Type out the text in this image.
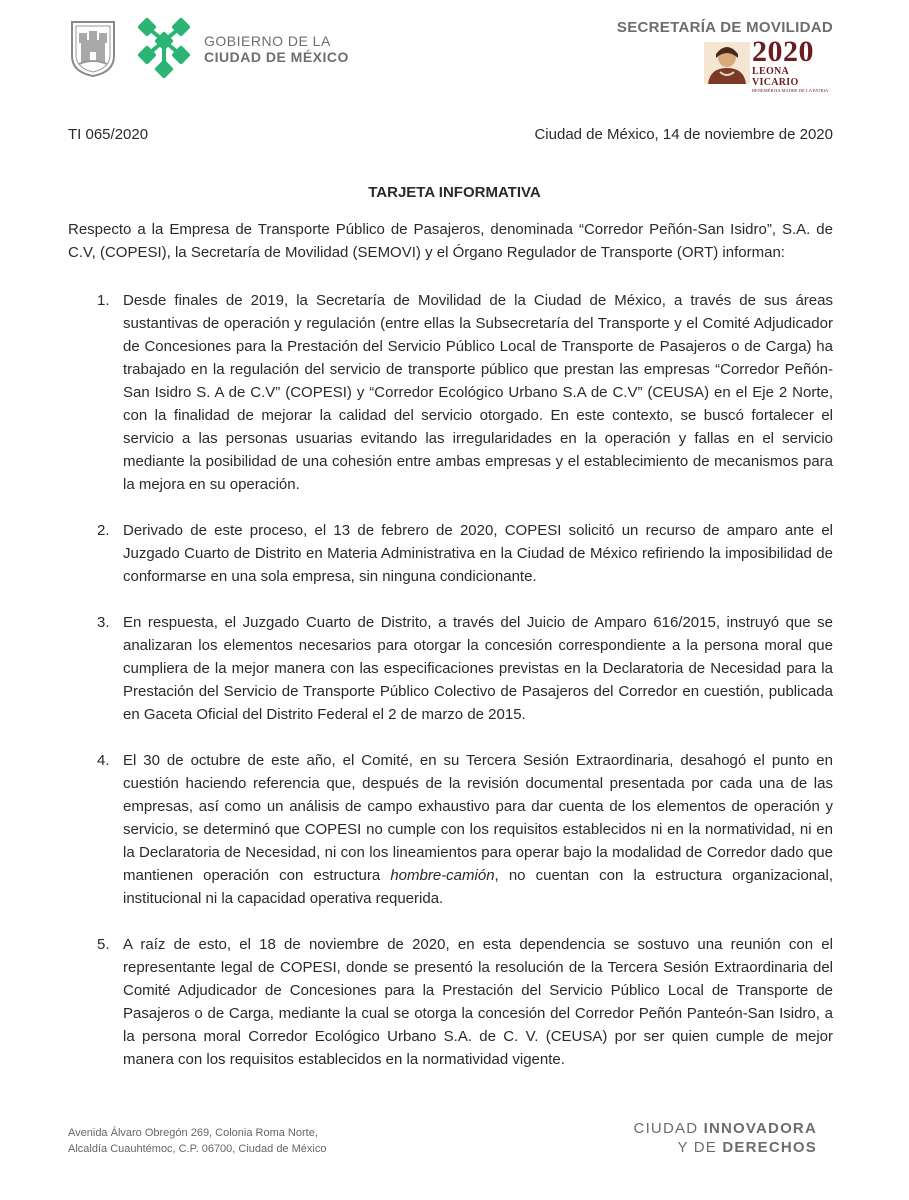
GOBIERNO DE LA
CIUDAD DE MÉXICO
SECRETARÍA DE MOVILIDAD
2020
LEONA VICARIO
BENEMÉRITA MADRE DE LA PATRIA
TI 065/2020	Ciudad de México, 14 de noviembre de 2020
TARJETA INFORMATIVA
Respecto a la Empresa de Transporte Público de Pasajeros, denominada “Corredor Peñón-San Isidro”, S.A. de C.V, (COPESI), la Secretaría de Movilidad (SEMOVI) y el Órgano Regulador de Transporte (ORT) informan:
1. Desde finales de 2019, la Secretaría de Movilidad de la Ciudad de México, a través de sus áreas sustantivas de operación y regulación (entre ellas la Subsecretaría del Transporte y el Comité Adjudicador de Concesiones para la Prestación del Servicio Público Local de Transporte de Pasajeros o de Carga) ha trabajado en la regulación del servicio de transporte público que prestan las empresas “Corredor Peñón-San Isidro S. A de C.V” (COPESI) y “Corredor Ecológico Urbano S.A de C.V” (CEUSA) en el Eje 2 Norte, con la finalidad de mejorar la calidad del servicio otorgado. En este contexto, se buscó fortalecer el servicio a las personas usuarias evitando las irregularidades en la operación y fallas en el servicio mediante la posibilidad de una cohesión entre ambas empresas y el establecimiento de mecanismos para la mejora en su operación.
2. Derivado de este proceso, el 13 de febrero de 2020, COPESI solicitó un recurso de amparo ante el Juzgado Cuarto de Distrito en Materia Administrativa en la Ciudad de México refiriendo la imposibilidad de conformarse en una sola empresa, sin ninguna condicionante.
3. En respuesta, el Juzgado Cuarto de Distrito, a través del Juicio de Amparo 616/2015, instruyó que se analizaran los elementos necesarios para otorgar la concesión correspondiente a la persona moral que cumpliera de la mejor manera con las especificaciones previstas en la Declaratoria de Necesidad para la Prestación del Servicio de Transporte Público Colectivo de Pasajeros del Corredor en cuestión, publicada en Gaceta Oficial del Distrito Federal el 2 de marzo de 2015.
4. El 30 de octubre de este año, el Comité, en su Tercera Sesión Extraordinaria, desahogó el punto en cuestión haciendo referencia que, después de la revisión documental presentada por cada una de las empresas, así como un análisis de campo exhaustivo para dar cuenta de los elementos de operación y servicio, se determinó que COPESI no cumple con los requisitos establecidos ni en la normatividad, ni en la Declaratoria de Necesidad, ni con los lineamientos para operar bajo la modalidad de Corredor dado que mantienen operación con estructura hombre-camión, no cuentan con la estructura organizacional, institucional ni la capacidad operativa requerida.
5. A raíz de esto, el 18 de noviembre de 2020, en esta dependencia se sostuvo una reunión con el representante legal de COPESI, donde se presentó la resolución de la Tercera Sesión Extraordinaria del Comité Adjudicador de Concesiones para la Prestación del Servicio Público Local de Transporte de Pasajeros o de Carga, mediante la cual se otorga la concesión del Corredor Peñón Panteón-San Isidro, a la persona moral Corredor Ecológico Urbano S.A. de C. V. (CEUSA) por ser quien cumple de mejor manera con los requisitos establecidos en la normatividad vigente.
Avenida Álvaro Obregón 269, Colonia Roma Norte,
Alcaldía Cuauhtémoc, C.P. 06700, Ciudad de México
CIUDAD INNOVADORA
Y DE DERECHOS
